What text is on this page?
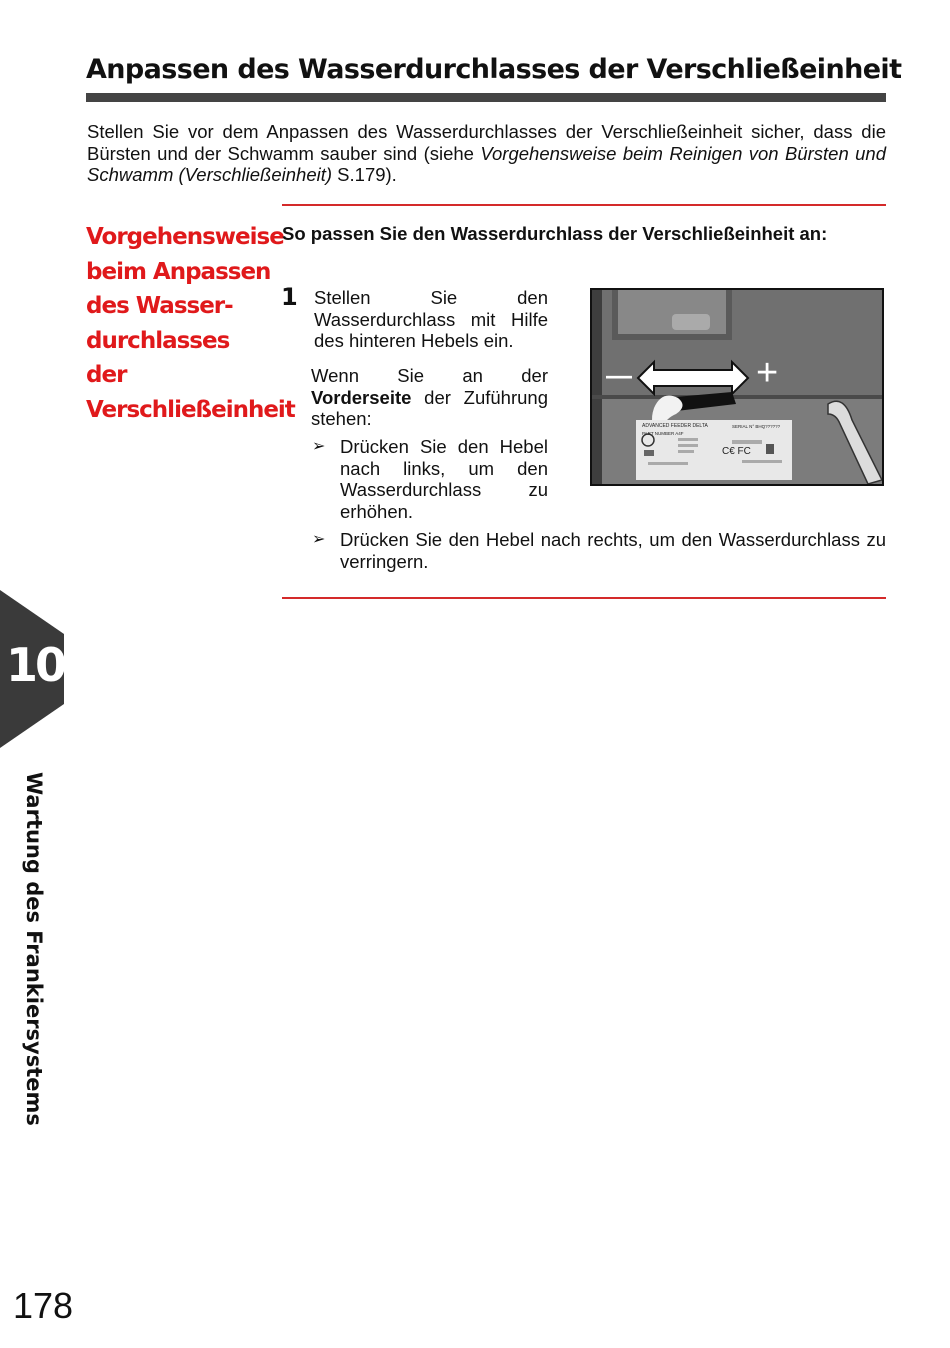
Anpassen des Wasserdurchlasses der Verschließeinheit
Stellen Sie vor dem Anpassen des Wasserdurchlasses der Verschließeinheit sicher, dass die Bürsten und der Schwamm sauber sind (siehe Vorgehensweise beim Reinigen von Bürsten und Schwamm (Verschließeinheit) S.179).
Vorgehensweise
beim Anpassen
des Wasser-
durchlasses der
Verschließeinheit
So passen Sie den Wasserdurchlass der Verschließeinheit an:
1 Stellen Sie den Wasserdurchlass mit Hilfe des hinteren Hebels ein.
Wenn Sie an der Vorderseite der Zuführung stehen:
➢ Drücken Sie den Hebel nach links, um den Wasserdurchlass zu erhöhen.
➢ Drücken Sie den Hebel nach rechts, um den Wasserdurchlass zu verringern.
—	+
ADVANCED FEEDER DELTA
PART NUMBER A4F
SERIAL N° BHQ??????
C€ FC
10
Wartung des Frankiersystems
178
